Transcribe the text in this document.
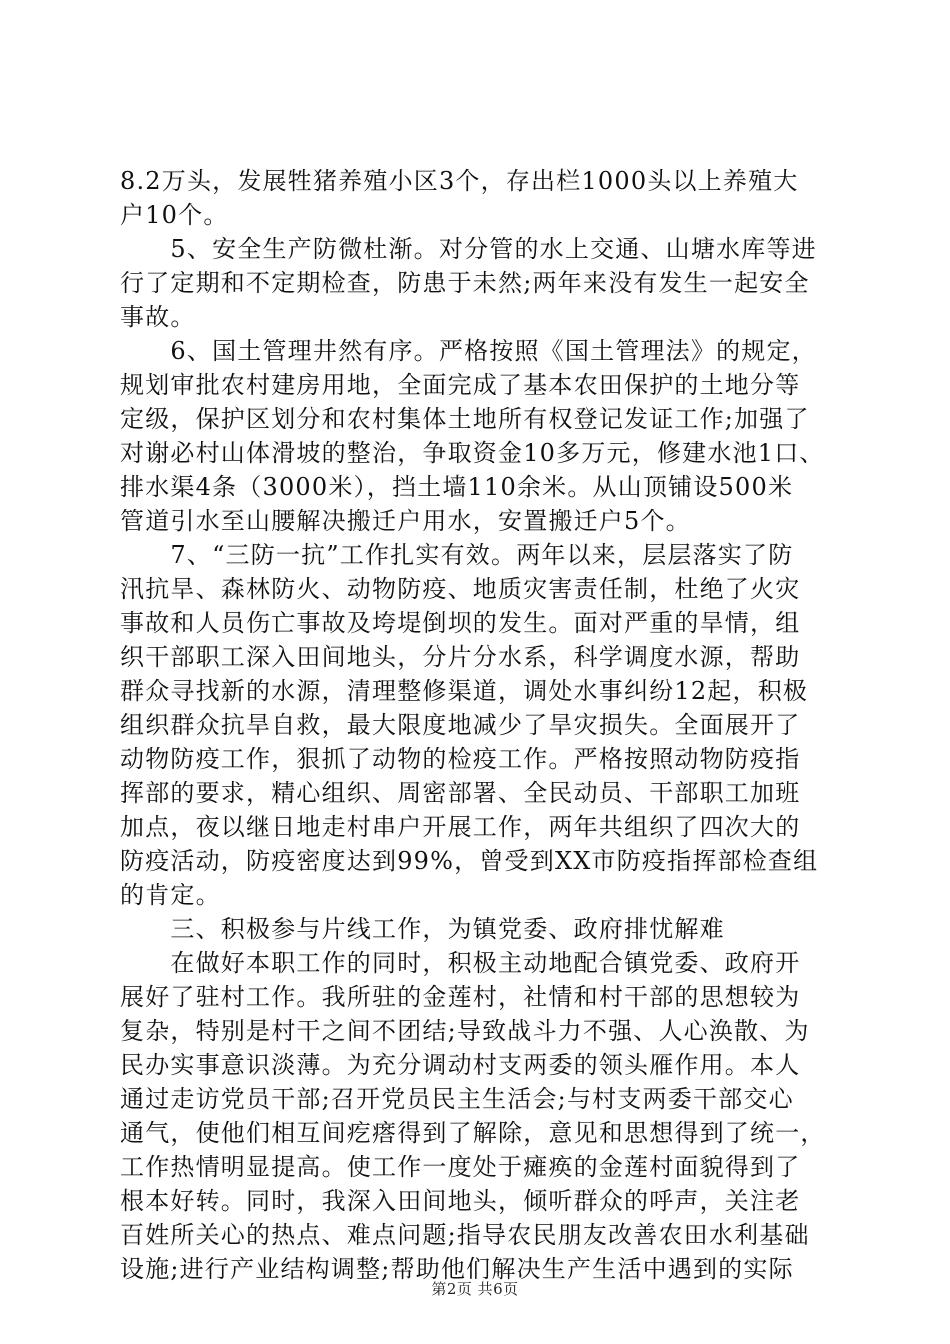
8.2万头，发展牲猪养殖小区3个，存出栏1000头以上养殖大
户10个。
　　5、安全生产防微杜渐。对分管的水上交通、山塘水库等进
行了定期和不定期检查，防患于未然;两年来没有发生一起安全
事故。
　　6、国土管理井然有序。严格按照《国土管理法》的规定，
规划审批农村建房用地，全面完成了基本农田保护的土地分等
定级，保护区划分和农村集体土地所有权登记发证工作;加强了
对谢必村山体滑坡的整治，争取资金10多万元，修建水池1口、
排水渠4条（3000米），挡土墙110余米。从山顶铺设500米
管道引水至山腰解决搬迁户用水，安置搬迁户5个。
　　7、“三防一抗”工作扎实有效。两年以来，层层落实了防
汛抗旱、森林防火、动物防疫、地质灾害责任制，杜绝了火灾
事故和人员伤亡事故及垮堤倒坝的发生。面对严重的旱情，组
织干部职工深入田间地头，分片分水系，科学调度水源，帮助
群众寻找新的水源，清理整修渠道，调处水事纠纷12起，积极
组织群众抗旱自救，最大限度地减少了旱灾损失。全面展开了
动物防疫工作，狠抓了动物的检疫工作。严格按照动物防疫指
挥部的要求，精心组织、周密部署、全民动员、干部职工加班
加点，夜以继日地走村串户开展工作，两年共组织了四次大的
防疫活动，防疫密度达到99%，曾受到XX市防疫指挥部检查组
的肯定。
　　三、积极参与片线工作，为镇党委、政府排忧解难
　　在做好本职工作的同时，积极主动地配合镇党委、政府开
展好了驻村工作。我所驻的金莲村，社情和村干部的思想较为
复杂，特别是村干之间不团结;导致战斗力不强、人心涣散、为
民办实事意识淡薄。为充分调动村支两委的领头雁作用。本人
通过走访党员干部;召开党员民主生活会;与村支两委干部交心
通气，使他们相互间疙瘩得到了解除，意见和思想得到了统一，
工作热情明显提高。使工作一度处于瘫痪的金莲村面貌得到了
根本好转。同时，我深入田间地头，倾听群众的呼声，关注老
百姓所关心的热点、难点问题;指导农民朋友改善农田水利基础
设施;进行产业结构调整;帮助他们解决生产生活中遇到的实际
第2页 共6页
